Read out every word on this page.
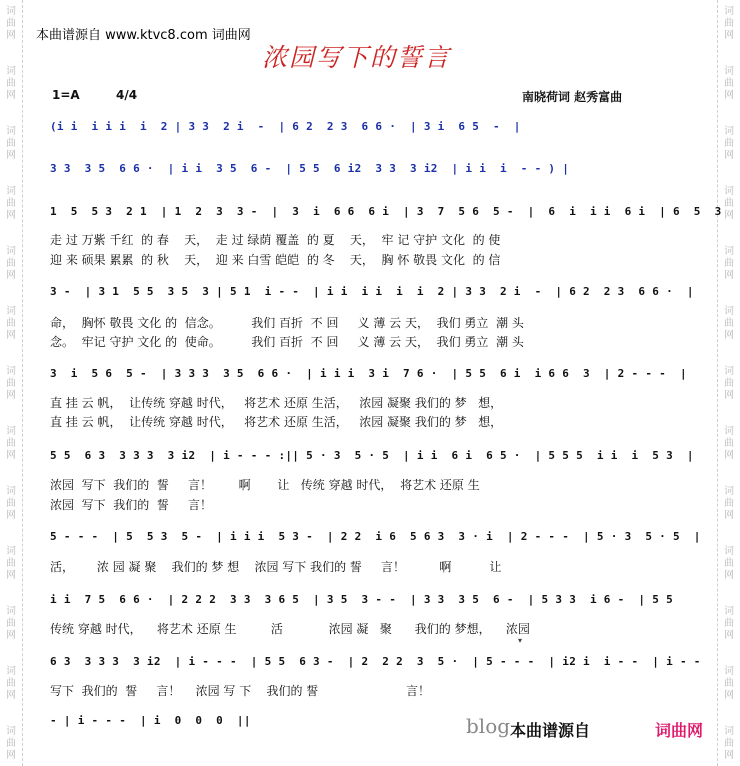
词
曲
网
词
曲
网
词
曲
网
词
曲
网
词
曲
网
词
曲
网
词
曲
网
词
曲
网
词
曲
网
词
曲
网
词
曲
网
词
曲
网
词
曲
网
词
曲
网
词
曲
网
词
曲
网
词
曲
网
词
曲
网
词
曲
网
词
曲
网
词
曲
网
词
曲
网
词
曲
网
词
曲
网
词
曲
网
词
曲
网
本曲谱源自 www.ktvc8.com 词曲网
浓园写下的誓言
1=A	4/4	南晓荷词 赵秀富曲
(i i  i i i  i  2 | 3 3  2 i  -  | 6 2  2 3  6 6 ·  | 3 i  6 5  -  |
3 3  3 5  6 6 ·  | i i  3 5  6 -  | 5 5  6 i2  3 3  3 i2  | i i  i  - - ) |
1  5  5 3  2 1  | 1  2  3  3 -  |  3  i  6 6  6 i  | 3  7  5 6  5 -  |  6  i  i i  6 i  | 6  5  3
走 过 万紫 千红  的 春    天，  走 过 绿荫 覆盖  的 夏    天，  牢 记 守护 文化  的 使
迎 来 硕果 累累  的 秋    天，  迎 来 白雪 皑皑  的 冬    天，  胸 怀 敬畏 文化  的 信
3 -  | 3 1  5 5  3 5  3 | 5 1  i - -  | i i  i i  i  i  2 | 3 3  2 i  -  | 6 2  2 3  6 6 ·  |
命，  胸怀 敬畏 文化 的  信念。        我们 百折  不 回     义 薄 云 天，  我们 勇立  潮 头
念。  牢记 守护 文化 的  使命。        我们 百折  不 回     义 薄 云 天，  我们 勇立  潮 头
3  i  5 6  5 -  | 3 3 3  3 5  6 6 ·  | i i i  3 i  7 6 ·  | 5 5  6 i  i 6 6  3  | 2 - - -  |
直 挂 云 帆，  让传统 穿越 时代，   将艺术 还原 生活，   浓园 凝聚 我们的 梦   想，
直 挂 云 帆，  让传统 穿越 时代，   将艺术 还原 生活，   浓园 凝聚 我们的 梦   想，
5 5  6 3  3 3 3  3 i2  | i - - - :|| 5 · 3  5 · 5  | i i  6 i  6 5 ·  | 5 5 5  i i  i  5 3  |
浓园  写下  我们的  誓     言！       啊       让   传统 穿越 时代，  将艺术 还原 生
浓园  写下  我们的  誓     言！
5 - - -  | 5  5 3  5 -  | i i i  5 3 -  | 2 2  i 6  5 6 3  3 · i  | 2 - - -  | 5 · 3  5 · 5  |
活，      浓 园 凝 聚    我们的 梦 想    浓园 写下 我们的 誓     言！         啊          让
i i  7 5  6 6 ·  | 2 2 2  3 3  3 6 5  | 3 5  3 - -  | 3 3  3 5  6 -  | 5 3 3  i 6 -  | 5 5
传统 穿越 时代，    将艺术 还原 生         活            浓园 凝   聚      我们的 梦想，    浓园
6 3  3 3 3  3 i2  | i - - -  | 5 5  6 3 -  | 2  2 2  3  5 ·  | 5 - - -  | i2 i  i - -  | i - -
写下  我们的  誓     言！    浓园 写 下    我们的 誓                       言！
- | i - - -  | i  0  0  0  ||
▾
blog 本曲谱源自	词曲网
